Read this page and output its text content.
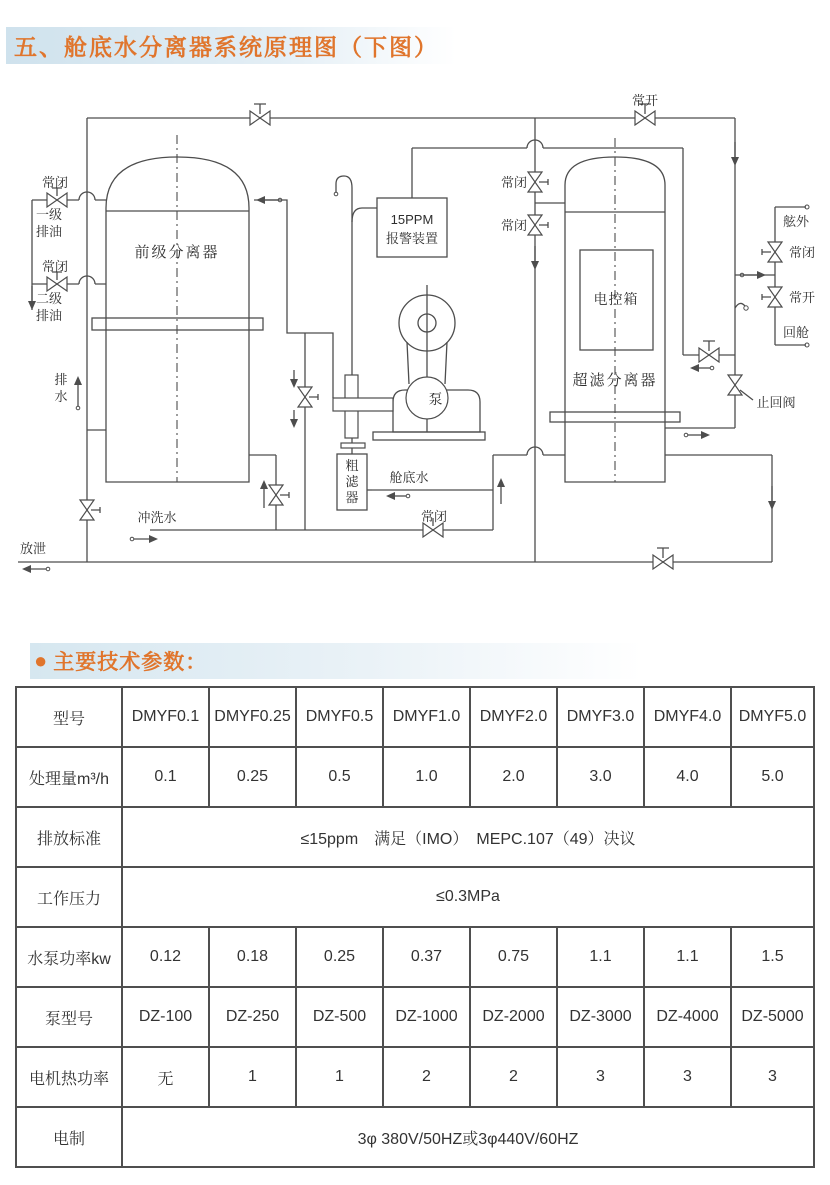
五、舱底水分离器系统原理图（下图）
常闭
一级
排油
常闭
二级
排油
排
水
放泄
冲洗水	常闭
舱底水
粗
滤
器
泵
前级分离器
15PPM
报警装置
常闭
常闭
常开
电控箱
超滤分离器
舷外
常闭
常开
回舱
止回阀
● 主要技术参数：
型号	DMYF0.1	DMYF0.25	DMYF0.5	DMYF1.0	DMYF2.0	DMYF3.0	DMYF4.0	DMYF5.0
处理量m³/h	0.1	0.25	0.5	1.0	2.0	3.0	4.0	5.0
排放标准	≤15ppm　满足（IMO）　MEPC.107（49）决议							
工作压力	≤0.3MPa							
水泵功率kw	0.12	0.18	0.25	0.37	0.75	1.1	1.1	1.5
泵型号	DZ-100	DZ-250	DZ-500	DZ-1000	DZ-2000	DZ-3000	DZ-4000	DZ-5000
电机热功率	无	1	1	2	2	3	3	3
电制	3φ 380V/50HZ或3φ440V/60HZ							
